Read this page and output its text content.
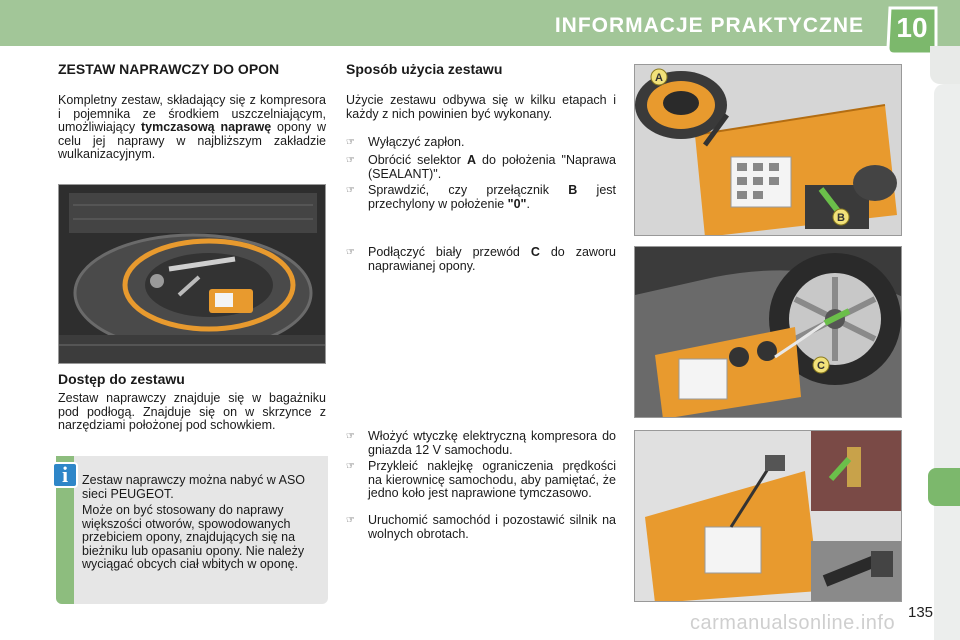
INFORMACJE PRAKTYCZNE	10
ZESTAW NAPRAWCZY DO OPON
Kompletny zestaw, składający się z kompresora i pojemnika ze środkiem uszczelniającym, umożliwiający tymczasową naprawę opony w celu jej naprawy w najbliższym zakładzie wulkanizacyjnym.
Dostęp do zestawu
Zestaw naprawczy znajduje się w bagażniku pod podłogą. Znajduje się on w skrzynce z narzędziami położonej pod schowkiem.
i	Zestaw naprawczy można nabyć w ASO sieci PEUGEOT.
Może on być stosowany do naprawy większości otworów, spowodowanych przebiciem opony, znajdujących się na bieżniku lub opasaniu opony. Nie należy wyciągać obcych ciał wbitych w oponę.
Sposób użycia zestawu
Użycie zestawu odbywa się w kilku etapach i każdy z nich powinien być wykonany.
☞ Wyłączyć zapłon.
☞ Obrócić selektor A do położenia "Naprawa (SEALANT)".
☞ Sprawdzić, czy przełącznik B jest przechylony w położenie "0".
☞ Podłączyć biały przewód C do zaworu naprawianej opony.
☞ Włożyć wtyczkę elektryczną kompresora do gniazda 12 V samochodu.
☞ Przykleić naklejkę ograniczenia prędkości na kierownicę samochodu, aby pamiętać, że jedno koło jest naprawione tymczasowo.
☞ Uruchomić samochód i pozostawić silnik na wolnych obrotach.
A
B
C
135
carmanualsonline.info
